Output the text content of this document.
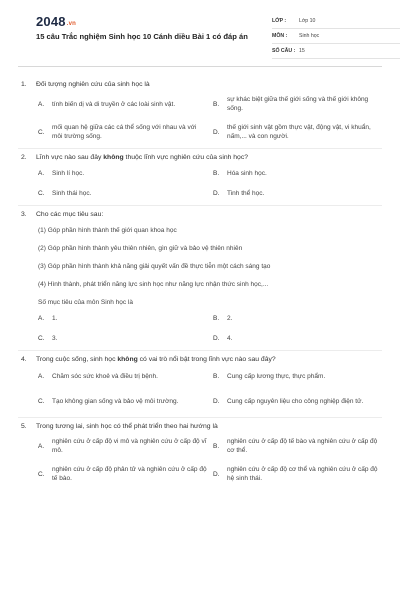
2048.vn
15 câu Trắc nghiệm Sinh học 10 Cánh diều Bài 1 có đáp án
LỚP :	Lớp 10
MÔN :	Sinh học
SỐ CÂU : 15
1.	Đối tượng nghiên cứu của sinh học là
A.	tính biến dị và di truyền ở các loài sinh vật.	B.
sự khác biệt giữa thế giới sống và thế giới không sống.
C.
mối quan hệ giữa các cá thể sống với nhau và với môi trường sống.
D.
thế giới sinh vật gồm thực vật, động vật, vi khuẩn, nấm,... và con người.
2.	Lĩnh vực nào sau đây không thuộc lĩnh vực nghiên cứu của sinh học?
A.	Sinh lí học.	B.	Hóa sinh học.
C.	Sinh thái học.	D.	Tinh thể học.
3.	Cho các mục tiêu sau:
(1) Góp phần hình thành thế giới quan khoa học
(2) Góp phần hình thành yêu thiên nhiên, gìn giữ và bảo vệ thiên nhiên
(3) Góp phần hình thành khả năng giải quyết vấn đề thực tiễn một cách sáng tạo
(4) Hình thành, phát triển năng lực sinh học như năng lực nhận thức sinh học,...
Số mục tiêu của môn Sinh học là
A.	1.	B.	2.
C.	3.	D.	4.
4.	Trong cuộc sống, sinh học không có vai trò nổi bật trong lĩnh vực nào sau đây?
A.	Chăm sóc sức khoẻ và điều trị bệnh.	B.	Cung cấp lương thực, thực phẩm.
C.	Tạo không gian sống và bảo vệ môi trường.	D.	Cung cấp nguyên liệu cho công nghiệp điện tử.
5.	Trong tương lai, sinh học có thể phát triển theo hai hướng là
A.
nghiên cứu ở cấp độ vi mô và nghiên cứu ở cấp độ vĩ mô.
B.
nghiên cứu ở cấp độ tế bào và nghiên cứu ở cấp độ cơ thể.
C.
nghiên cứu ở cấp độ phân tử và nghiên cứu ở cấp độ tế bào.
D.
nghiên cứu ở cấp độ cơ thể và nghiên cứu ở cấp độ hệ sinh thái.
